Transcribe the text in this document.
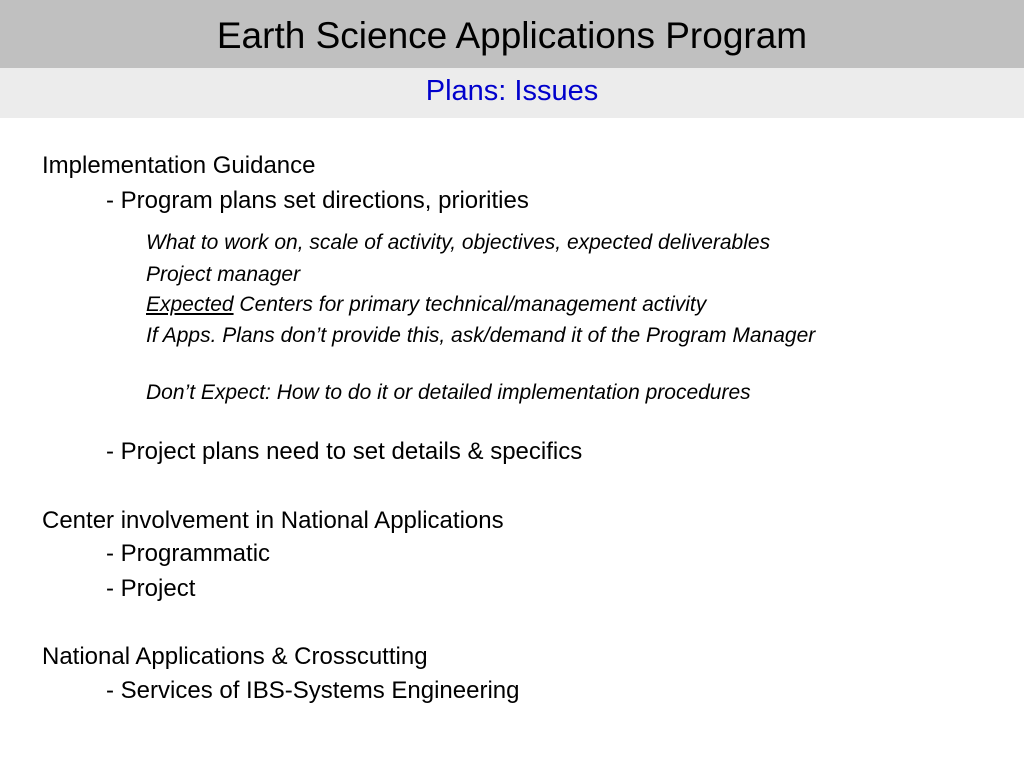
Earth Science Applications Program
Plans: Issues
Implementation Guidance
- Program plans set directions, priorities
What to work on, scale of activity, objectives, expected deliverables
Project manager
Expected Centers for primary technical/management activity
If Apps. Plans don’t provide this, ask/demand it of the Program Manager
Don’t Expect: How to do it or detailed implementation procedures
- Project plans need to set details & specifics
Center involvement in National Applications
- Programmatic
- Project
National Applications & Crosscutting
- Services of IBS-Systems Engineering
